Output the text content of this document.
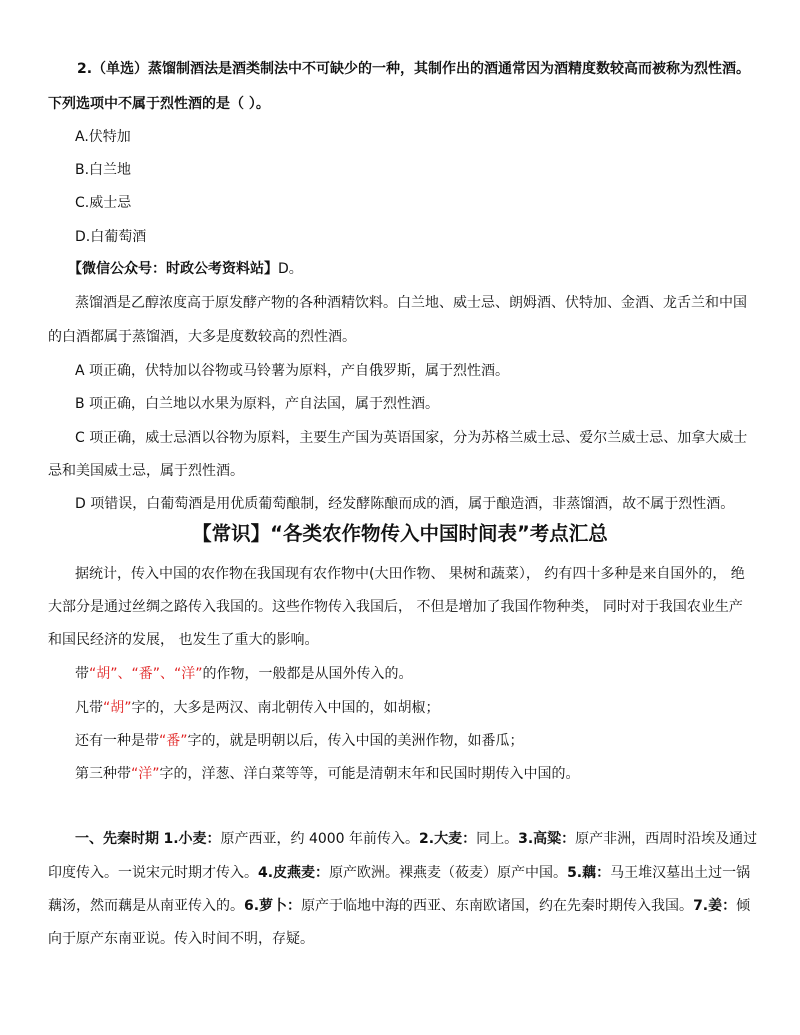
2.（单选）蒸馏制酒法是酒类制法中不可缺少的一种，其制作出的酒通常因为酒精度数较高而被称为烈性酒。
下列选项中不属于烈性酒的是（ ）。
A.伏特加
B.白兰地
C.威士忌
D.白葡萄酒
【微信公众号：时政公考资料站】D。
蒸馏酒是乙醇浓度高于原发酵产物的各种酒精饮料。白兰地、威士忌、朗姆酒、伏特加、金酒、龙舌兰和中国
的白酒都属于蒸馏酒，大多是度数较高的烈性酒。
A 项正确，伏特加以谷物或马铃薯为原料，产自俄罗斯，属于烈性酒。
B 项正确，白兰地以水果为原料，产自法国，属于烈性酒。
C 项正确，威士忌酒以谷物为原料，主要生产国为英语国家，分为苏格兰威士忌、爱尔兰威士忌、加拿大威士
忌和美国威士忌，属于烈性酒。
D 项错误，白葡萄酒是用优质葡萄酿制，经发酵陈酿而成的酒，属于酿造酒，非蒸馏酒，故不属于烈性酒。
【常识】“各类农作物传入中国时间表”考点汇总
据统计，传入中国的农作物在我国现有农作物中(大田作物、 果树和蔬菜）， 约有四十多种是来自国外的， 绝
大部分是通过丝绸之路传入我国的。这些作物传入我国后， 不但是增加了我国作物种类， 同时对于我国农业生产
和国民经济的发展， 也发生了重大的影响。
带“胡”、“番”、“洋”的作物，一般都是从国外传入的。
凡带“胡”字的，大多是两汉、南北朝传入中国的，如胡椒；
还有一种是带“番”字的，就是明朝以后，传入中国的美洲作物，如番瓜；
第三种带“洋”字的，洋葱、洋白菜等等，可能是清朝末年和民国时期传入中国的。
一、先秦时期 1.小麦：原产西亚，约 4000 年前传入。2.大麦：同上。3.高粱：原产非洲，西周时沿埃及通过
印度传入。一说宋元时期才传入。4.皮燕麦：原产欧洲。裸燕麦（莜麦）原产中国。5.藕：马王堆汉墓出土过一锅
藕汤，然而藕是从南亚传入的。6.萝卜：原产于临地中海的西亚、东南欧诸国，约在先秦时期传入我国。7.姜：倾
向于原产东南亚说。传入时间不明，存疑。
